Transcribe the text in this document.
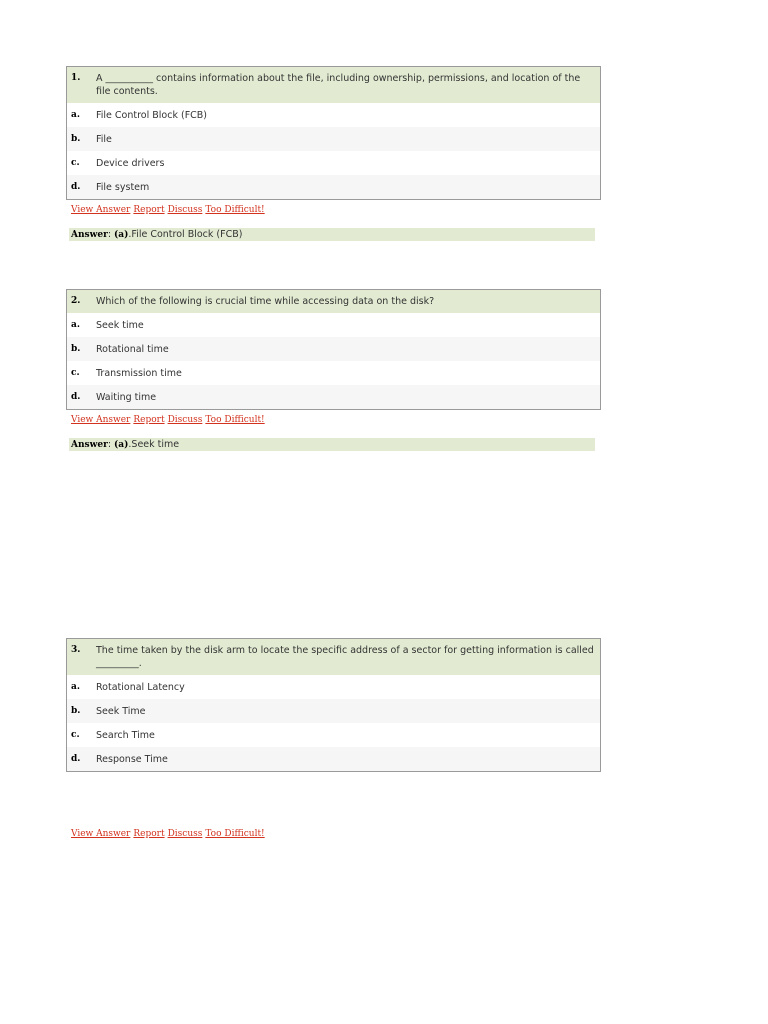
1.	A __________ contains information about the file, including ownership, permissions, and location of the file contents.
a.	File Control Block (FCB)
b.	File
c.	Device drivers
d.	File system
View Answer Report Discuss Too Difficult!
Answer: (a).File Control Block (FCB)
2.	Which of the following is crucial time while accessing data on the disk?
a.	Seek time
b.	Rotational time
c.	Transmission time
d.	Waiting time
View Answer Report Discuss Too Difficult!
Answer: (a).Seek time
3.	The time taken by the disk arm to locate the specific address of a sector for getting information is called _________.
a.	Rotational Latency
b.	Seek Time
c.	Search Time
d.	Response Time
View Answer Report Discuss Too Difficult!
